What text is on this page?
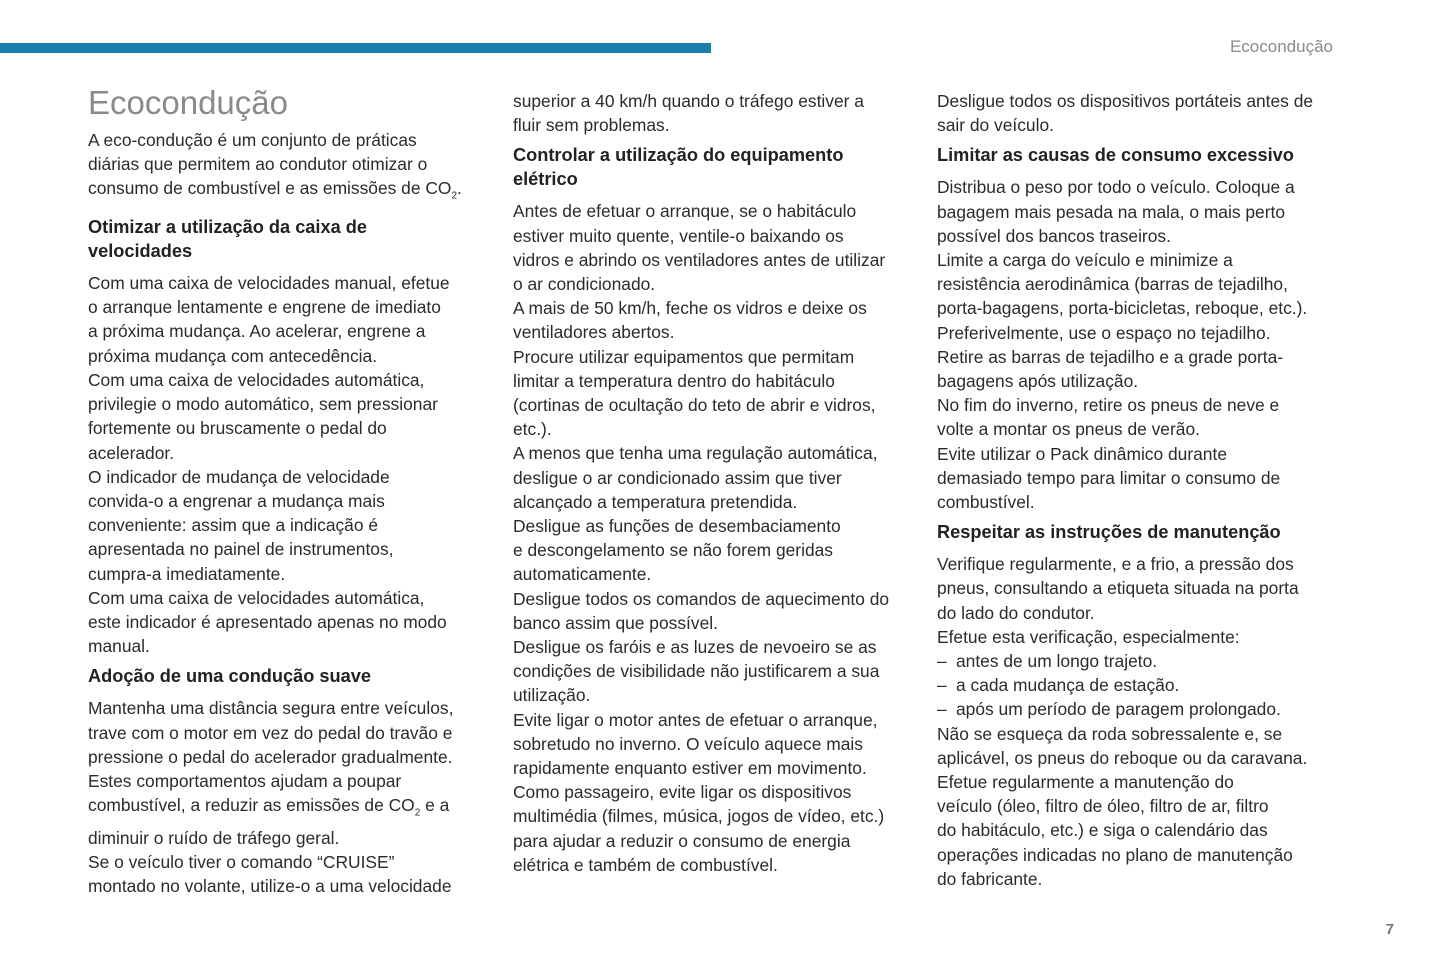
Ecocondução
Ecocondução

A eco-condução é um conjunto de práticas
diárias que permitem ao condutor otimizar o
consumo de combustível e as emissões de $CO_2$.

Otimizar a utilização da caixa de
velocidades

Com uma caixa de velocidades manual, efetue
o arranque lentamente e engrene de imediato
a próxima mudança. Ao acelerar, engrene a
próxima mudança com antecedência.
Com uma caixa de velocidades automática,
privilegie o modo automático, sem pressionar
fortemente ou bruscamente o pedal do
acelerador.
O indicador de mudança de velocidade
convida-o a engrenar a mudança mais
conveniente: assim que a indicação é
apresentada no painel de instrumentos,
cumpra-a imediatamente.
Com uma caixa de velocidades automática,
este indicador é apresentado apenas no modo
manual.

Adoção de uma condução suave

Mantenha uma distância segura entre veículos,
trave com o motor em vez do pedal do travão e
pressione o pedal do acelerador gradualmente.
Estes comportamentos ajudam a poupar
combustível, a reduzir as emissões de $CO_2$ e a
diminuir o ruído de tráfego geral.
Se o veículo tiver o comando “CRUISE”
montado no volante, utilize-o a uma velocidade

superior a 40 km/h quando o tráfego estiver a
fluir sem problemas.

Controlar a utilização do equipamento
elétrico

Antes de efetuar o arranque, se o habitáculo
estiver muito quente, ventile-o baixando os
vidros e abrindo os ventiladores antes de utilizar
o ar condicionado.
A mais de 50 km/h, feche os vidros e deixe os
ventiladores abertos.
Procure utilizar equipamentos que permitam
limitar a temperatura dentro do habitáculo
(cortinas de ocultação do teto de abrir e vidros,
etc.).
A menos que tenha uma regulação automática,
desligue o ar condicionado assim que tiver
alcançado a temperatura pretendida.
Desligue as funções de desembaciamento
e descongelamento se não forem geridas
automaticamente.
Desligue todos os comandos de aquecimento do
banco assim que possível.
Desligue os faróis e as luzes de nevoeiro se as
condições de visibilidade não justificarem a sua
utilização.
Evite ligar o motor antes de efetuar o arranque,
sobretudo no inverno. O veículo aquece mais
rapidamente enquanto estiver em movimento.
Como passageiro, evite ligar os dispositivos
multimédia (filmes, música, jogos de vídeo, etc.)
para ajudar a reduzir o consumo de energia
elétrica e também de combustível.

Desligue todos os dispositivos portáteis antes de
sair do veículo.

Limitar as causas de consumo excessivo

Distribua o peso por todo o veículo. Coloque a
bagagem mais pesada na mala, o mais perto
possível dos bancos traseiros.
Limite a carga do veículo e minimize a
resistência aerodinâmica (barras de tejadilho,
porta-bagagens, porta-bicicletas, reboque, etc.).
Preferivelmente, use o espaço no tejadilho.
Retire as barras de tejadilho e a grade porta-
bagagens após utilização.
No fim do inverno, retire os pneus de neve e
volte a montar os pneus de verão.
Evite utilizar o Pack dinâmico durante
demasiado tempo para limitar o consumo de
combustível.

Respeitar as instruções de manutenção

Verifique regularmente, e a frio, a pressão dos
pneus, consultando a etiqueta situada na porta
do lado do condutor.
Efetue esta verificação, especialmente:

– antes de um longo trajeto.
– a cada mudança de estação.
– após um período de paragem prolongado.

Não se esqueça da roda sobressalente e, se
aplicável, os pneus do reboque ou da caravana.
Efetue regularmente a manutenção do
veículo (óleo, filtro de óleo, filtro de ar, filtro
do habitáculo, etc.) e siga o calendário das
operações indicadas no plano de manutenção
do fabricante.

7
